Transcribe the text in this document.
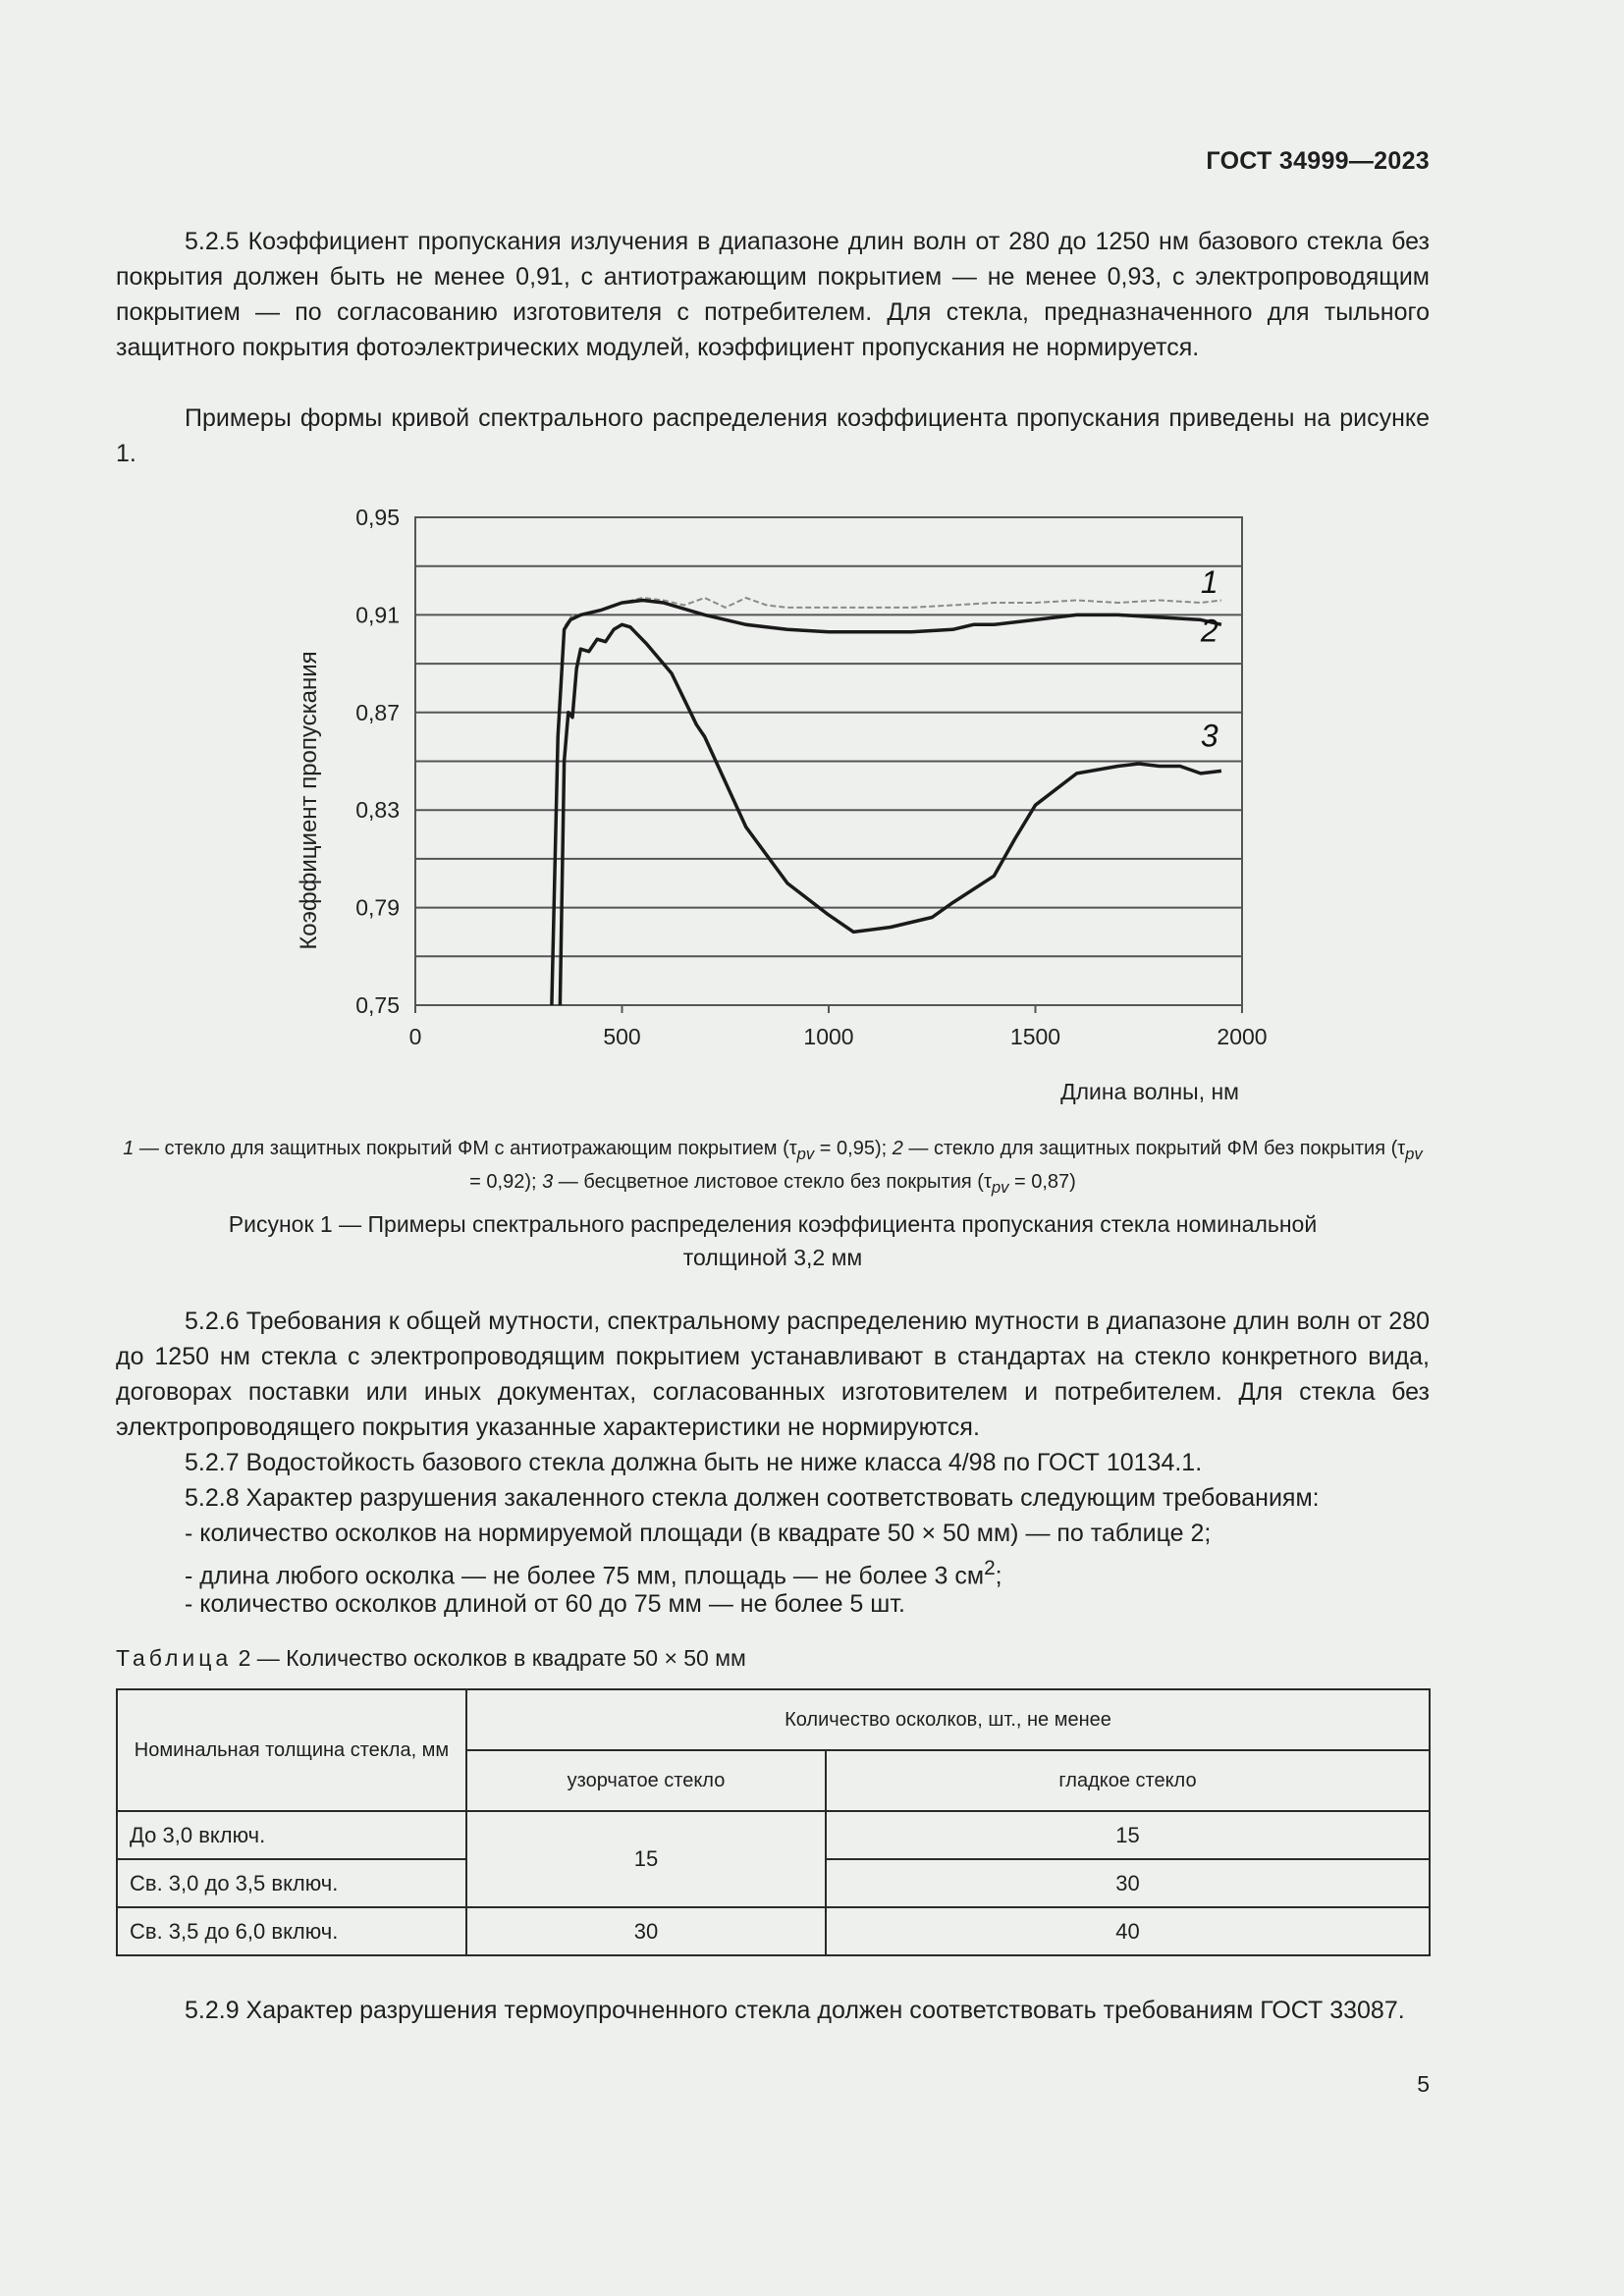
ГОСТ 34999—2023

5.2.5 Коэффициент пропускания излучения в диапазоне длин волн от 280 до 1250 нм базового стекла без покрытия должен быть не менее 0,91, с антиотражающим покрытием — не менее 0,93, с электропроводящим покрытием — по согласованию изготовителя с потребителем. Для стекла, предназначенного для тыльного защитного покрытия фотоэлектрических модулей, коэффициент пропускания не нормируется.

Примеры формы кривой спектрального распределения коэффициента пропускания приведены на рисунке 1.

0,95
0,91
0,87
0,83
0,79
0,75
0	500	1000	1500	2000
Длина волны, нм
Коэффициент пропускания
1
2
3
1 — стекло для защитных покрытий ФМ с антиотражающим покрытием $(\tau_{pv} = 0,95)$; 2 — стекло для защитных покрытий ФМ без покрытия $(\tau_{pv} = 0,92)$; 3 — бесцветное листовое стекло без покрытия $(\tau_{pv} = 0,87)$
Рисунок 1 — Примеры спектрального распределения коэффициента пропускания стекла номинальной
толщиной 3,2 мм

5.2.6 Требования к общей мутности, спектральному распределению мутности в диапазоне длин волн от 280 до 1250 нм стекла с электропроводящим покрытием устанавливают в стандартах на стекло конкретного вида, договорах поставки или иных документах, согласованных изготовителем и потребителем. Для стекла без электропроводящего покрытия указанные характеристики не нормируются.

5.2.7 Водостойкость базового стекла должна быть не ниже класса 4/98 по ГОСТ 10134.1.

5.2.8 Характер разрушения закаленного стекла должен соответствовать следующим требованиям:

- количество осколков на нормируемой площади (в квадрате 50 × 50 мм) — по таблице 2;
- длина любого осколка — не более 75 мм, площадь — не более 3 $см^2$;
- количество осколков длиной от 60 до 75 мм — не более 5 шт.
Таблица 2 — Количество осколков в квадрате 50 × 50 мм
Номинальная толщина стекла, мм	Количество осколков, шт., не менее	
	узорчатое стекло	гладкое стекло
До 3,0 включ.	15	15
Св. 3,0 до 3,5 включ.		30
Св. 3,5 до 6,0 включ.	30	40

5.2.9 Характер разрушения термоупрочненного стекла должен соответствовать требованиям ГОСТ 33087.

5
